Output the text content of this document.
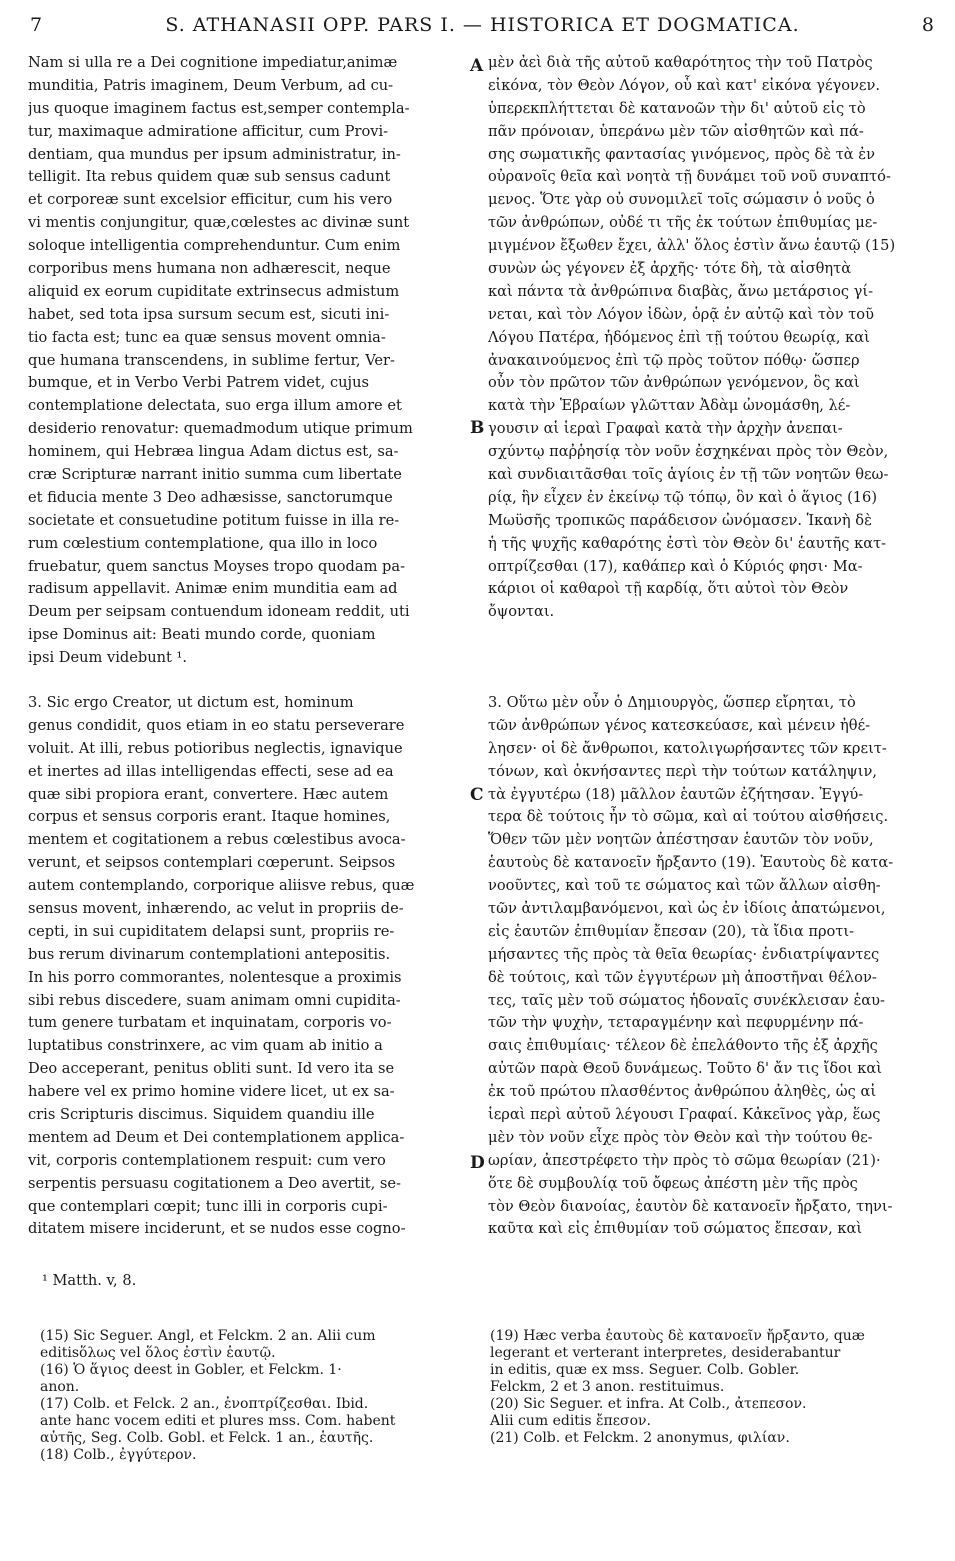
7	S. ATHANASII OPP. PARS I. — HISTORICA ET DOGMATICA.	8
A
B
C
D
Nam si ulla re a Dei cognitione impediatur,animæ
munditia, Patris imaginem, Deum Verbum, ad cu-
jus quoque imaginem factus est,semper contempla-
tur, maximaque admiratione afficitur, cum Provi-
dentiam, qua mundus per ipsum administratur, in-
telligit. Ita rebus quidem quæ sub sensus cadunt
et corporeæ sunt excelsior efficitur, cum his vero
vi mentis conjungitur, quæ,cœlestes ac divinæ sunt
soloque intelligentia comprehenduntur. Cum enim
corporibus mens humana non adhærescit, neque
aliquid ex eorum cupiditate extrinsecus admistum
habet, sed tota ipsa sursum secum est, sicuti ini-
tio facta est; tunc ea quæ sensus movent omnia-
que humana transcendens, in sublime fertur, Ver-
bumque, et in Verbo Verbi Patrem videt, cujus
contemplatione delectata, suo erga illum amore et
desiderio renovatur: quemadmodum utique primum
hominem, qui Hebræa lingua Adam dictus est, sa-
cræ Scripturæ narrant initio summa cum libertate
et fiducia mente 3 Deo adhæsisse, sanctorumque
societate et consuetudine potitum fuisse in illa re-
rum cœlestium contemplatione, qua illo in loco
fruebatur, quem sanctus Moyses tropo quodam pa-
radisum appellavit. Animæ enim munditia eam ad
Deum per seipsam contuendum idoneam reddit, uti
ipse Dominus ait: Beati mundo corde, quoniam
ipsi Deum videbunt ¹.
μὲν ἀεὶ διὰ τῆς αὐτοῦ καθαρότητος τὴν τοῦ Πατρὸς
εἰκόνα, τὸν Θεὸν Λόγον, οὗ καὶ κατ' εἰκόνα γέγονεν.
ὑπερεκπλήττεται δὲ κατανοῶν τὴν δι' αὐτοῦ εἰς τὸ
πᾶν πρόνοιαν, ὑπεράνω μὲν τῶν αἰσθητῶν καὶ πά-
σης σωματικῆς φαντασίας γινόμενος, πρὸς δὲ τὰ ἐν
οὐρανοῖς θεῖα καὶ νοητὰ τῇ δυνάμει τοῦ νοῦ συναπτό-
μενος. Ὅτε γὰρ οὐ συνομιλεῖ τοῖς σώμασιν ὁ νοῦς ὁ
τῶν ἀνθρώπων, οὐδέ τι τῆς ἐκ τούτων ἐπιθυμίας με-
μιγμένον ἔξωθεν ἔχει, ἀλλ' ὅλος ἐστὶν ἄνω ἑαυτῷ (15)
συνὼν ὡς γέγονεν ἐξ ἀρχῆς· τότε δὴ, τὰ αἰσθητὰ
καὶ πάντα τὰ ἀνθρώπινα διαβὰς, ἄνω μετάρσιος γί-
νεται, καὶ τὸν Λόγον ἰδὼν, ὁρᾷ ἐν αὐτῷ καὶ τὸν τοῦ
Λόγου Πατέρα, ἡδόμενος ἐπὶ τῇ τούτου θεωρίᾳ, καὶ
ἀνακαινούμενος ἐπὶ τῷ πρὸς τοῦτον πόθῳ· ὥσπερ
οὖν τὸν πρῶτον τῶν ἀνθρώπων γενόμενον, ὃς καὶ
κατὰ τὴν Ἑβραίων γλῶτταν Ἀδὰμ ὠνομάσθη, λέ-
γουσιν αἱ ἱεραὶ Γραφαὶ κατὰ τὴν ἀρχὴν ἀνεπαι-
σχύντῳ παῤῥησίᾳ τὸν νοῦν ἐσχηκέναι πρὸς τὸν Θεὸν,
καὶ συνδιαιτᾶσθαι τοῖς ἁγίοις ἐν τῇ τῶν νοητῶν θεω-
ρίᾳ, ἣν εἶχεν ἐν ἐκείνῳ τῷ τόπῳ, ὃν καὶ ὁ ἅγιος (16)
Μωϋσῆς τροπικῶς παράδεισον ὠνόμασεν. Ἱκανὴ δὲ
ἡ τῆς ψυχῆς καθαρότης ἐστὶ τὸν Θεὸν δι' ἑαυτῆς κατ-
οπτρίζεσθαι (17), καθάπερ καὶ ὁ Κύριός φησι· Μα-
κάριοι οἱ καθαροὶ τῇ καρδίᾳ, ὅτι αὐτοὶ τὸν Θεὸν
ὄψονται.
3. Sic ergo Creator, ut dictum est, hominum
genus condidit, quos etiam in eo statu perseverare
voluit. At illi, rebus potioribus neglectis, ignavique
et inertes ad illas intelligendas effecti, sese ad ea
quæ sibi propiora erant, convertere. Hæc autem
corpus et sensus corporis erant. Itaque homines,
mentem et cogitationem a rebus cœlestibus avoca-
verunt, et seipsos contemplari cœperunt. Seipsos
autem contemplando, corporique aliisve rebus, quæ
sensus movent, inhærendo, ac velut in propriis de-
cepti, in sui cupiditatem delapsi sunt, propriis re-
bus rerum divinarum contemplationi antepositis.
In his porro commorantes, nolentesque a proximis
sibi rebus discedere, suam animam omni cupidita-
tum genere turbatam et inquinatam, corporis vo-
luptatibus constrinxere, ac vim quam ab initio a
Deo acceperant, penitus obliti sunt. Id vero ita se
habere vel ex primo homine videre licet, ut ex sa-
cris Scripturis discimus. Siquidem quandiu ille
mentem ad Deum et Dei contemplationem applica-
vit, corporis contemplationem respuit: cum vero
serpentis persuasu cogitationem a Deo avertit, se-
que contemplari cœpit; tunc illi in corporis cupi-
ditatem misere inciderunt, et se nudos esse cogno-
3. Οὕτω μὲν οὖν ὁ Δημιουργὸς, ὥσπερ εἴρηται, τὸ
τῶν ἀνθρώπων γένος κατεσκεύασε, καὶ μένειν ἠθέ-
λησεν· οἱ δὲ ἄνθρωποι, κατολιγωρήσαντες τῶν κρειτ-
τόνων, καὶ ὀκνήσαντες περὶ τὴν τούτων κατάληψιν,
τὰ ἐγγυτέρω (18) μᾶλλον ἑαυτῶν ἐζήτησαν. Ἐγγύ-
τερα δὲ τούτοις ἦν τὸ σῶμα, καὶ αἱ τούτου αἰσθήσεις.
Ὅθεν τῶν μὲν νοητῶν ἀπέστησαν ἑαυτῶν τὸν νοῦν,
ἑαυτοὺς δὲ κατανοεῖν ἤρξαντο (19). Ἑαυτοὺς δὲ κατα-
νοοῦντες, καὶ τοῦ τε σώματος καὶ τῶν ἄλλων αἰσθη-
τῶν ἀντιλαμβανόμενοι, καὶ ὡς ἐν ἰδίοις ἀπατώμενοι,
εἰς ἑαυτῶν ἐπιθυμίαν ἔπεσαν (20), τὰ ἴδια προτι-
μήσαντες τῆς πρὸς τὰ θεῖα θεωρίας· ἐνδιατρίψαντες
δὲ τούτοις, καὶ τῶν ἐγγυτέρων μὴ ἀποστῆναι θέλον-
τες, ταῖς μὲν τοῦ σώματος ἡδοναῖς συνέκλεισαν ἑαυ-
τῶν τὴν ψυχὴν, τεταραγμένην καὶ πεφυρμένην πά-
σαις ἐπιθυμίαις· τέλεον δὲ ἐπελάθοντο τῆς ἐξ ἀρχῆς
αὐτῶν παρὰ Θεοῦ δυνάμεως. Τοῦτο δ' ἄν τις ἴδοι καὶ
ἐκ τοῦ πρώτου πλασθέντος ἀνθρώπου ἀληθὲς, ὡς αἱ
ἱεραὶ περὶ αὐτοῦ λέγουσι Γραφαί. Κἀκεῖνος γὰρ, ἕως
μὲν τὸν νοῦν εἶχε πρὸς τὸν Θεὸν καὶ τὴν τούτου θε-
ωρίαν, ἀπεστρέφετο τὴν πρὸς τὸ σῶμα θεωρίαν (21)·
ὅτε δὲ συμβουλίᾳ τοῦ ὄφεως ἀπέστη μὲν τῆς πρὸς
τὸν Θεὸν διανοίας, ἑαυτὸν δὲ κατανοεῖν ἤρξατο, τηνι-
καῦτα καὶ εἰς ἐπιθυμίαν τοῦ σώματος ἔπεσαν, καὶ
¹ Matth. v, 8.
(15) Sic Seguer. Angl, et Felckm. 2 an. Alii cum
editisὅλως vel ὅλος ἐστὶν ἑαυτῷ.
(16) Ὁ ἅγιος deest in Gobler, et Felckm. 1·
anon.
(17) Colb. et Felck. 2 an., ἐνοπτρίζεσθαι. Ibid.
ante hanc vocem editi et plures mss. Com. habent
αὐτῆς, Seg. Colb. Gobl. et Felck. 1 an., ἑαυτῆς.
(18) Colb., ἐγγύτερον.
(19) Hæc verba ἑαυτοὺς δὲ κατανοεῖν ἤρξαντο, quæ
legerant et verterant interpretes, desiderabantur
in editis, quæ ex mss. Seguer. Colb. Gobler.
Felckm, 2 et 3 anon. restituimus.
(20) Sic Seguer. et infra. At Colb., ἀτεπεσον.
Alii cum editis ἔπεσον.
(21) Colb. et Felckm. 2 anonymus, φιλίαν.
